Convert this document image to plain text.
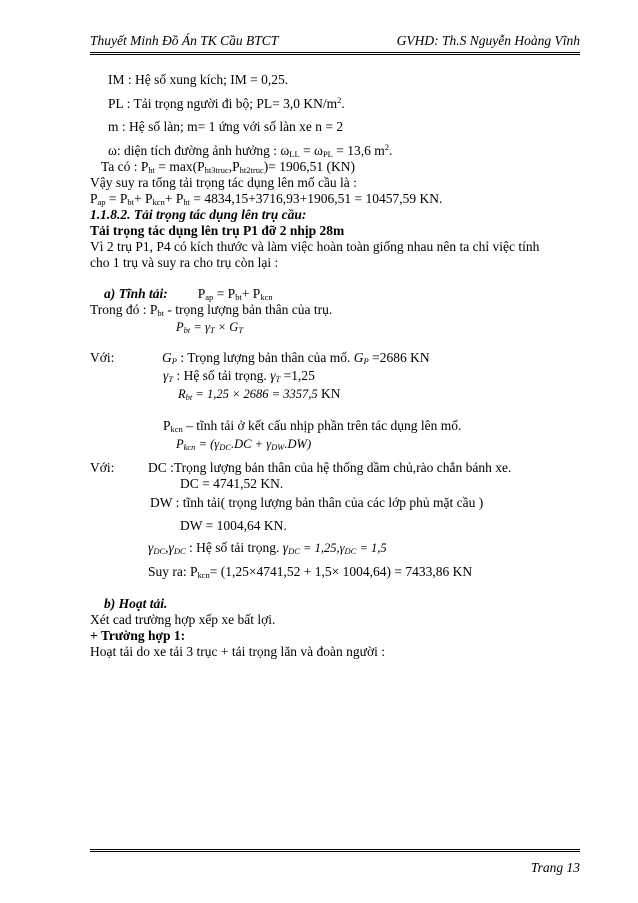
Thuyết Minh Đồ Án TK Cầu BTCT	GVHD: Th.S Nguyễn Hoàng Vĩnh
IM : Hệ số xung kích; IM = 0,25.
PL : Tải trọng người đi bộ; PL= 3,0 $KN/m^2$.
m : Hệ số làn; m= 1 ứng với số làn xe n = 2
ω: diện tích đường ảnh hưởng : $\omega_{LL} = \omega_{PL} = 13,6$ $m^2$.
Ta có : $P_{ht} = \max(P_{ht3truc},P_{ht2truc})= 1906,51$ (KN)
Vậy suy ra tổng tải trọng tác dụng lên mố cầu là :
$P_{ap} = P_{bt}+ P_{kcn}+ P_{ht} = 4834,15+3716,93+1906,51 = 10457,59$ KN.
1.1.8.2. Tải trọng tác dụng lên trụ cầu:
Tải trọng tác dụng lên trụ P1 đỡ 2 nhịp 28m
Vì 2 trụ P1, P4 có kích thước và làm việc hoàn toàn giống nhau nên ta chỉ việc tính
cho 1 trụ và suy ra cho trụ còn lại :
a) Tĩnh tải: $P_{ap} = P_{bt}+ P_{kcn}$
Trong đó : $P_{bt}$ - trọng lượng bản thân của trụ.
$P_{bt} = \gamma_T \times G_T$
Với:	$G_P$ : Trọng lượng bản thân của mố. $G_P =2686$ KN
$\gamma_T$ : Hệ số tải trọng. $\gamma_T =1,25$
$R_{bt} = 1,25 \times 2686 = 3357,5$ KN
$P_{kcn}$ – tĩnh tải ở kết cấu nhịp phần trên tác dụng lên mố.
$P_{kcn} = (\gamma_{DC}.DC + \gamma_{DW}.DW)$
Với: DC :Trọng lượng bản thân của hệ thống dầm chủ,rào chắn bánh xe.
DC = 4741,52 KN.
DW : tĩnh tải( trọng lượng bản thân của các lớp phủ mặt cầu )
DW = 1004,64 KN.
$\gamma_{DC},\gamma_{DC}$ : Hệ số tải trọng. $\gamma_{DC} = 1,25,\gamma_{DC} = 1,5$
Suy ra: $P_{kcn}= (1,25\times 4741,52 + 1,5\times 1004,64) = 7433,86$ KN
b) Hoạt tải.
Xét cad trường hợp xếp xe bất lợi.
+ Trường hợp 1:
Hoạt tải do xe tải 3 trục + tải trọng lăn và đoàn người :
Trang 13
